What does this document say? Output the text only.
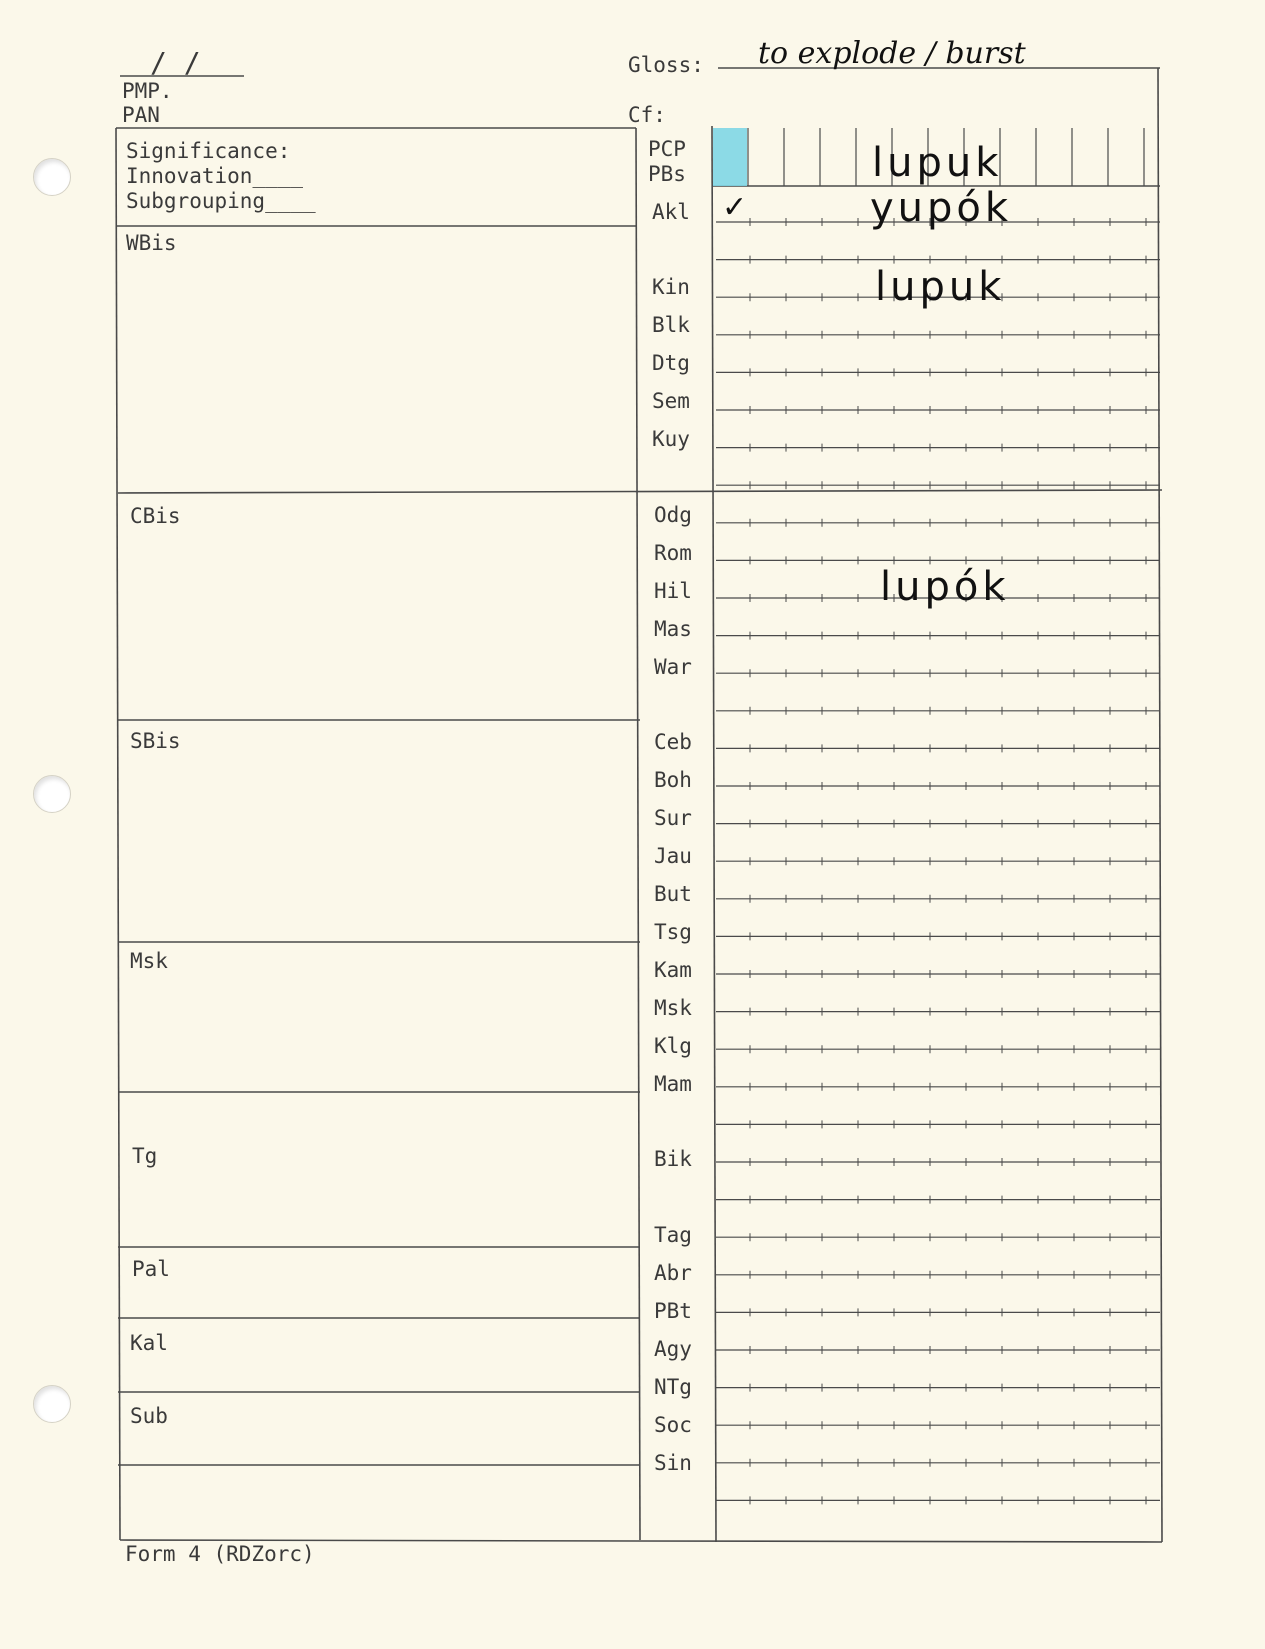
/ /
PMP.
PAN
Gloss: to explode / burst
Cf:
Significance:
Innovation____
Subgrouping____
WBis
CBis
SBis
Msk
Tg
Pal
Kal
Sub
PCP
PBs
Akl
Kin
Blk
Dtg
Sem
Kuy
Odg
Rom
Hil
Mas
War
Ceb
Boh
Sur
Jau
But
Tsg
Kam
Msk
Klg
Mam
Bik
Tag
Abr
PBt
Agy
NTg
Soc
Sin
lupuk
✓	yupók
lupuk
lupók
Form 4 (RDZorc)
